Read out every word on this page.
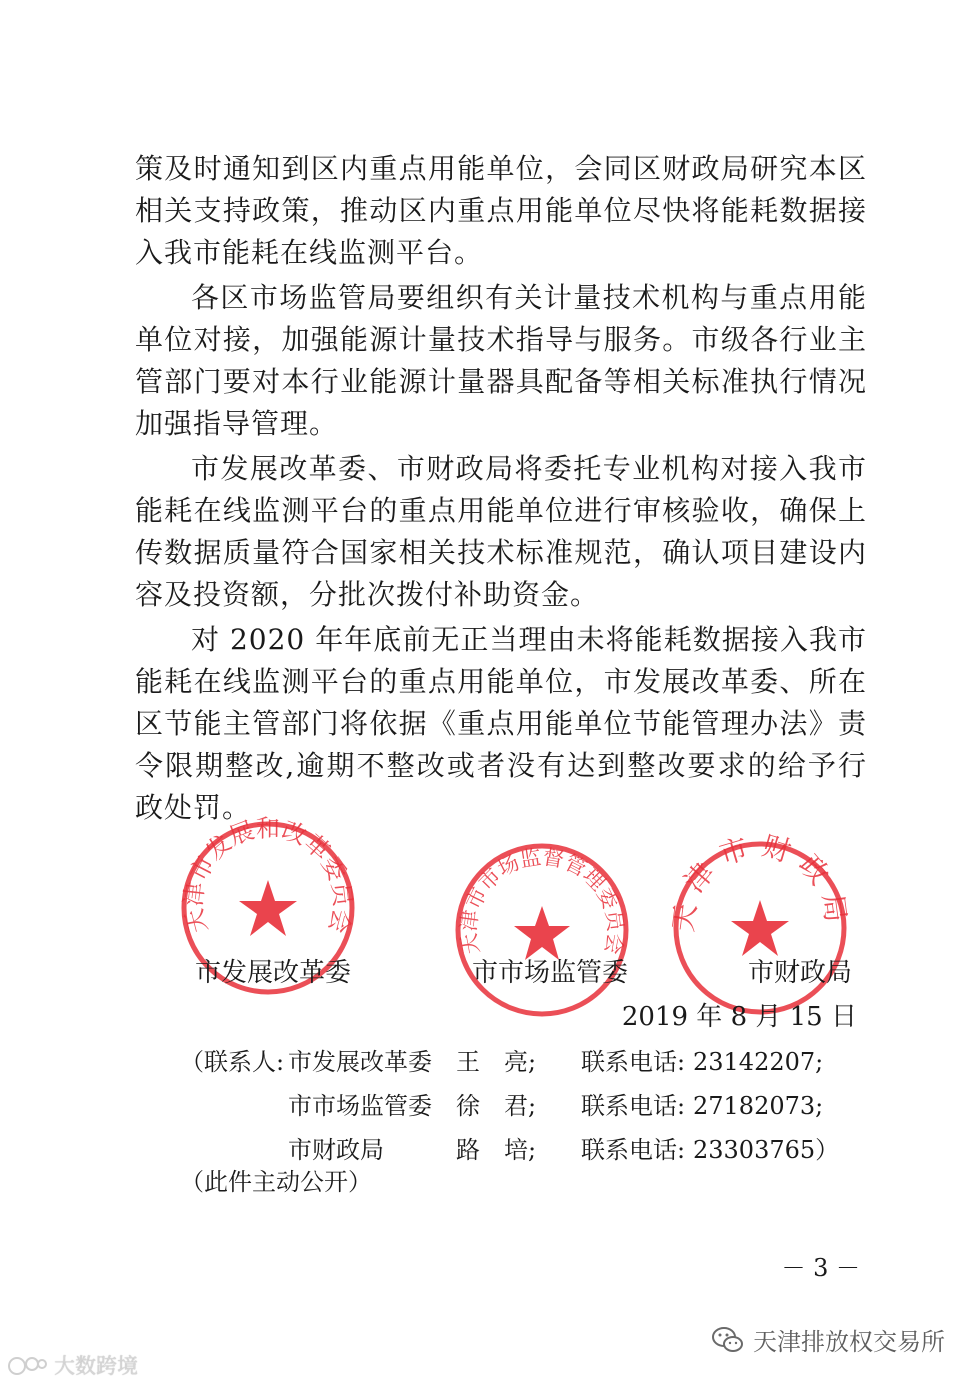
策及时通知到区内重点用能单位，会同区财政局研究本区相关支持政策，推动区内重点用能单位尽快将能耗数据接入我市能耗在线监测平台。

各区市场监管局要组织有关计量技术机构与重点用能单位对接，加强能源计量技术指导与服务。市级各行业主管部门要对本行业能源计量器具配备等相关标准执行情况加强指导管理。

市发展改革委、市财政局将委托专业机构对接入我市能耗在线监测平台的重点用能单位进行审核验收，确保上传数据质量符合国家相关技术标准规范，确认项目建设内容及投资额，分批次拨付补助资金。

对 2020 年年底前无正当理由未将能耗数据接入我市能耗在线监测平台的重点用能单位，市发展改革委、所在区节能主管部门将依据《重点用能单位节能管理办法》责令限期整改,逾期不整改或者没有达到整改要求的给予行政处罚。

天津市发展和改革委员会
天津市市场监督管理委员会
天津市财政局
市发展改革委	市市场监管委	市财政局
2019 年 8 月 15 日
（联系人: 市发展改革委	王　亮;	联系电话: 23142207;
市市场监管委	徐　君;	联系电话: 27182073;
市财政局	路　培;	联系电话: 23303765）
（此件主动公开）
－ 3 －
大数跨境
天津排放权交易所
